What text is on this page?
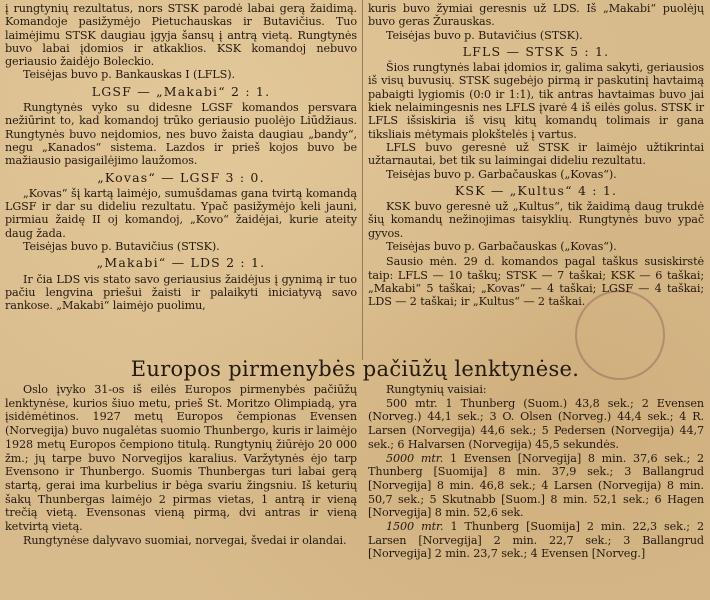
į rungtynių rezultatus, nors STSK parodė labai gerą žaidimą. Komandoje pasižymėjo Pietuchauskas ir Butavičius. Tuo laimėjimu STSK daugiau įgyja šansų į antrą vietą. Rungtynės buvo labai įdomios ir atkaklios. KSK komandoj nebuvo geriausio žaidėjo Boleckio.

Teisėjas buvo p. Bankauskas I (LFLS).

LGSF — „Makabi“ 2 : 1.

Rungtynės vyko su didesne LGSF komandos persvara nežiūrint to, kad komandoj trūko geriausio puolėjo Liūdžiaus. Rungtynės buvo neįdomios, nes buvo žaista daugiau „bandy“, negu „Kanados“ sistema. Lazdos ir prieš kojos buvo be mažiausio pasigailėjimo laužomos.

„Kovas“ — LGSF 3 : 0.

„Kovas“ šį kartą laimėjo, sumušdamas gana tvirtą komandą LGSF ir dar su dideliu rezultatu. Ypač pasižymėjo keli jauni, pirmiau žaidę II oj komandoj, „Kovo“ žaidėjai, kurie ateity daug žada.

Teisėjas buvo p. Butavičius (STSK).

„Makabi“ — LDS 2 : 1.

Ir čia LDS vis stato savo geriausius žaidėjus į gynimą ir tuo pačiu lengvina priešui žaisti ir palaikyti iniciatyvą savo rankose. „Makabi“ laimėjo puolimu,

kuris buvo žymiai geresnis už LDS. Iš „Makabi“ puolėjų buvo geras Žurauskas.

Teisėjas buvo p. Butavičius (STSK).

LFLS — STSK 5 : 1.

Šios rungtynės labai įdomios ir, galima sakyti, geriausios iš visų buvusių. STSK sugebėjo pirmą ir paskutinį havtaimą pabaigti lygiomis (0:0 ir 1:1), tik antras havtaimas buvo jai kiek nelaimingesnis nes LFLS įvarė 4 iš eilės golus. STSK ir LFLS išsiskiria iš visų kitų komandų tolimais ir gana tiksliais mėtymais plokštelės į vartus.

LFLS buvo geresnė už STSK ir laimėjo užtikrintai užtarnautai, bet tik su laimingai dideliu rezultatu.

Teisėjas buvo p. Garbačauskas („Kovas“).

KSK — „Kultus“ 4 : 1.

KSK buvo geresnė už „Kultus“, tik žaidimą daug trukdė šių komandų nežinojimas taisyklių. Rungtynės buvo ypač gyvos.

Teisėjas buvo p. Garbačauskas („Kovas“).

Sausio mėn. 29 d. komandos pagal taškus susiskirstė taip: LFLS — 10 taškų; STSK — 7 taškai; KSK — 6 taškai; „Makabi“ 5 taškai; „Kovas“ — 4 taškai; LGSF — 4 taškai; LDS — 2 taškai; ir „Kultus“ — 2 taškai.

Europos pirmenybės pačiūžų lenktynėse.

Oslo įvyko 31-os iš eilės Europos pirmenybės pačiūžų lenktynėse, kurios šiuo metu, prieš St. Moritzo Olimpiadą, yra įsidėmėtinos. 1927 metų Europos čempionas Evensen (Norvegija) buvo nugalėtas suomio Thunbergo, kuris ir laimėjo 1928 metų Europos čempiono titulą. Rungtynių žiūrėjo 20 000 žm.; jų tarpe buvo Norvegijos karalius. Varžytynės ėjo tarp Evensono ir Thunbergo. Suomis Thunbergas turi labai gerą startą, gerai ima kurbelius ir bėga svariu žingsniu. Iš keturių šakų Thunbergas laimėjo 2 pirmas vietas, 1 antrą ir vieną trečią vietą. Evensonas vieną pirmą, dvi antras ir vieną ketvirtą vietą.

Rungtynėse dalyvavo suomiai, norvegai, švedai ir olandai.

Rungtynių vaisiai:

500 mtr. 1 Thunberg (Suom.) 43,8 sek.; 2 Evensen (Norveg.) 44,1 sek.; 3 O. Olsen (Norveg.) 44,4 sek.; 4 R. Larsen (Norvegija) 44,6 sek.; 5 Pedersen (Norvegija) 44,7 sek.; 6 Halvarsen (Norvegija) 45,5 sekundės.

5000 mtr. 1 Evensen [Norvegija] 8 min. 37,6 sek.; 2 Thunberg [Suomija] 8 min. 37,9 sek.; 3 Ballangrud [Norvegija] 8 min. 46,8 sek.; 4 Larsen (Norvegija) 8 min. 50,7 sek.; 5 Skutnabb [Suom.] 8 min. 52,1 sek.; 6 Hagen [Norvegija] 8 min. 52,6 sek.

1500 mtr. 1 Thunberg [Suomija] 2 min. 22,3 sek.; 2 Larsen [Norvegija] 2 min. 22,7 sek.; 3 Ballangrud [Norvegija] 2 min. 23,7 sek.; 4 Evensen [Norveg.]
